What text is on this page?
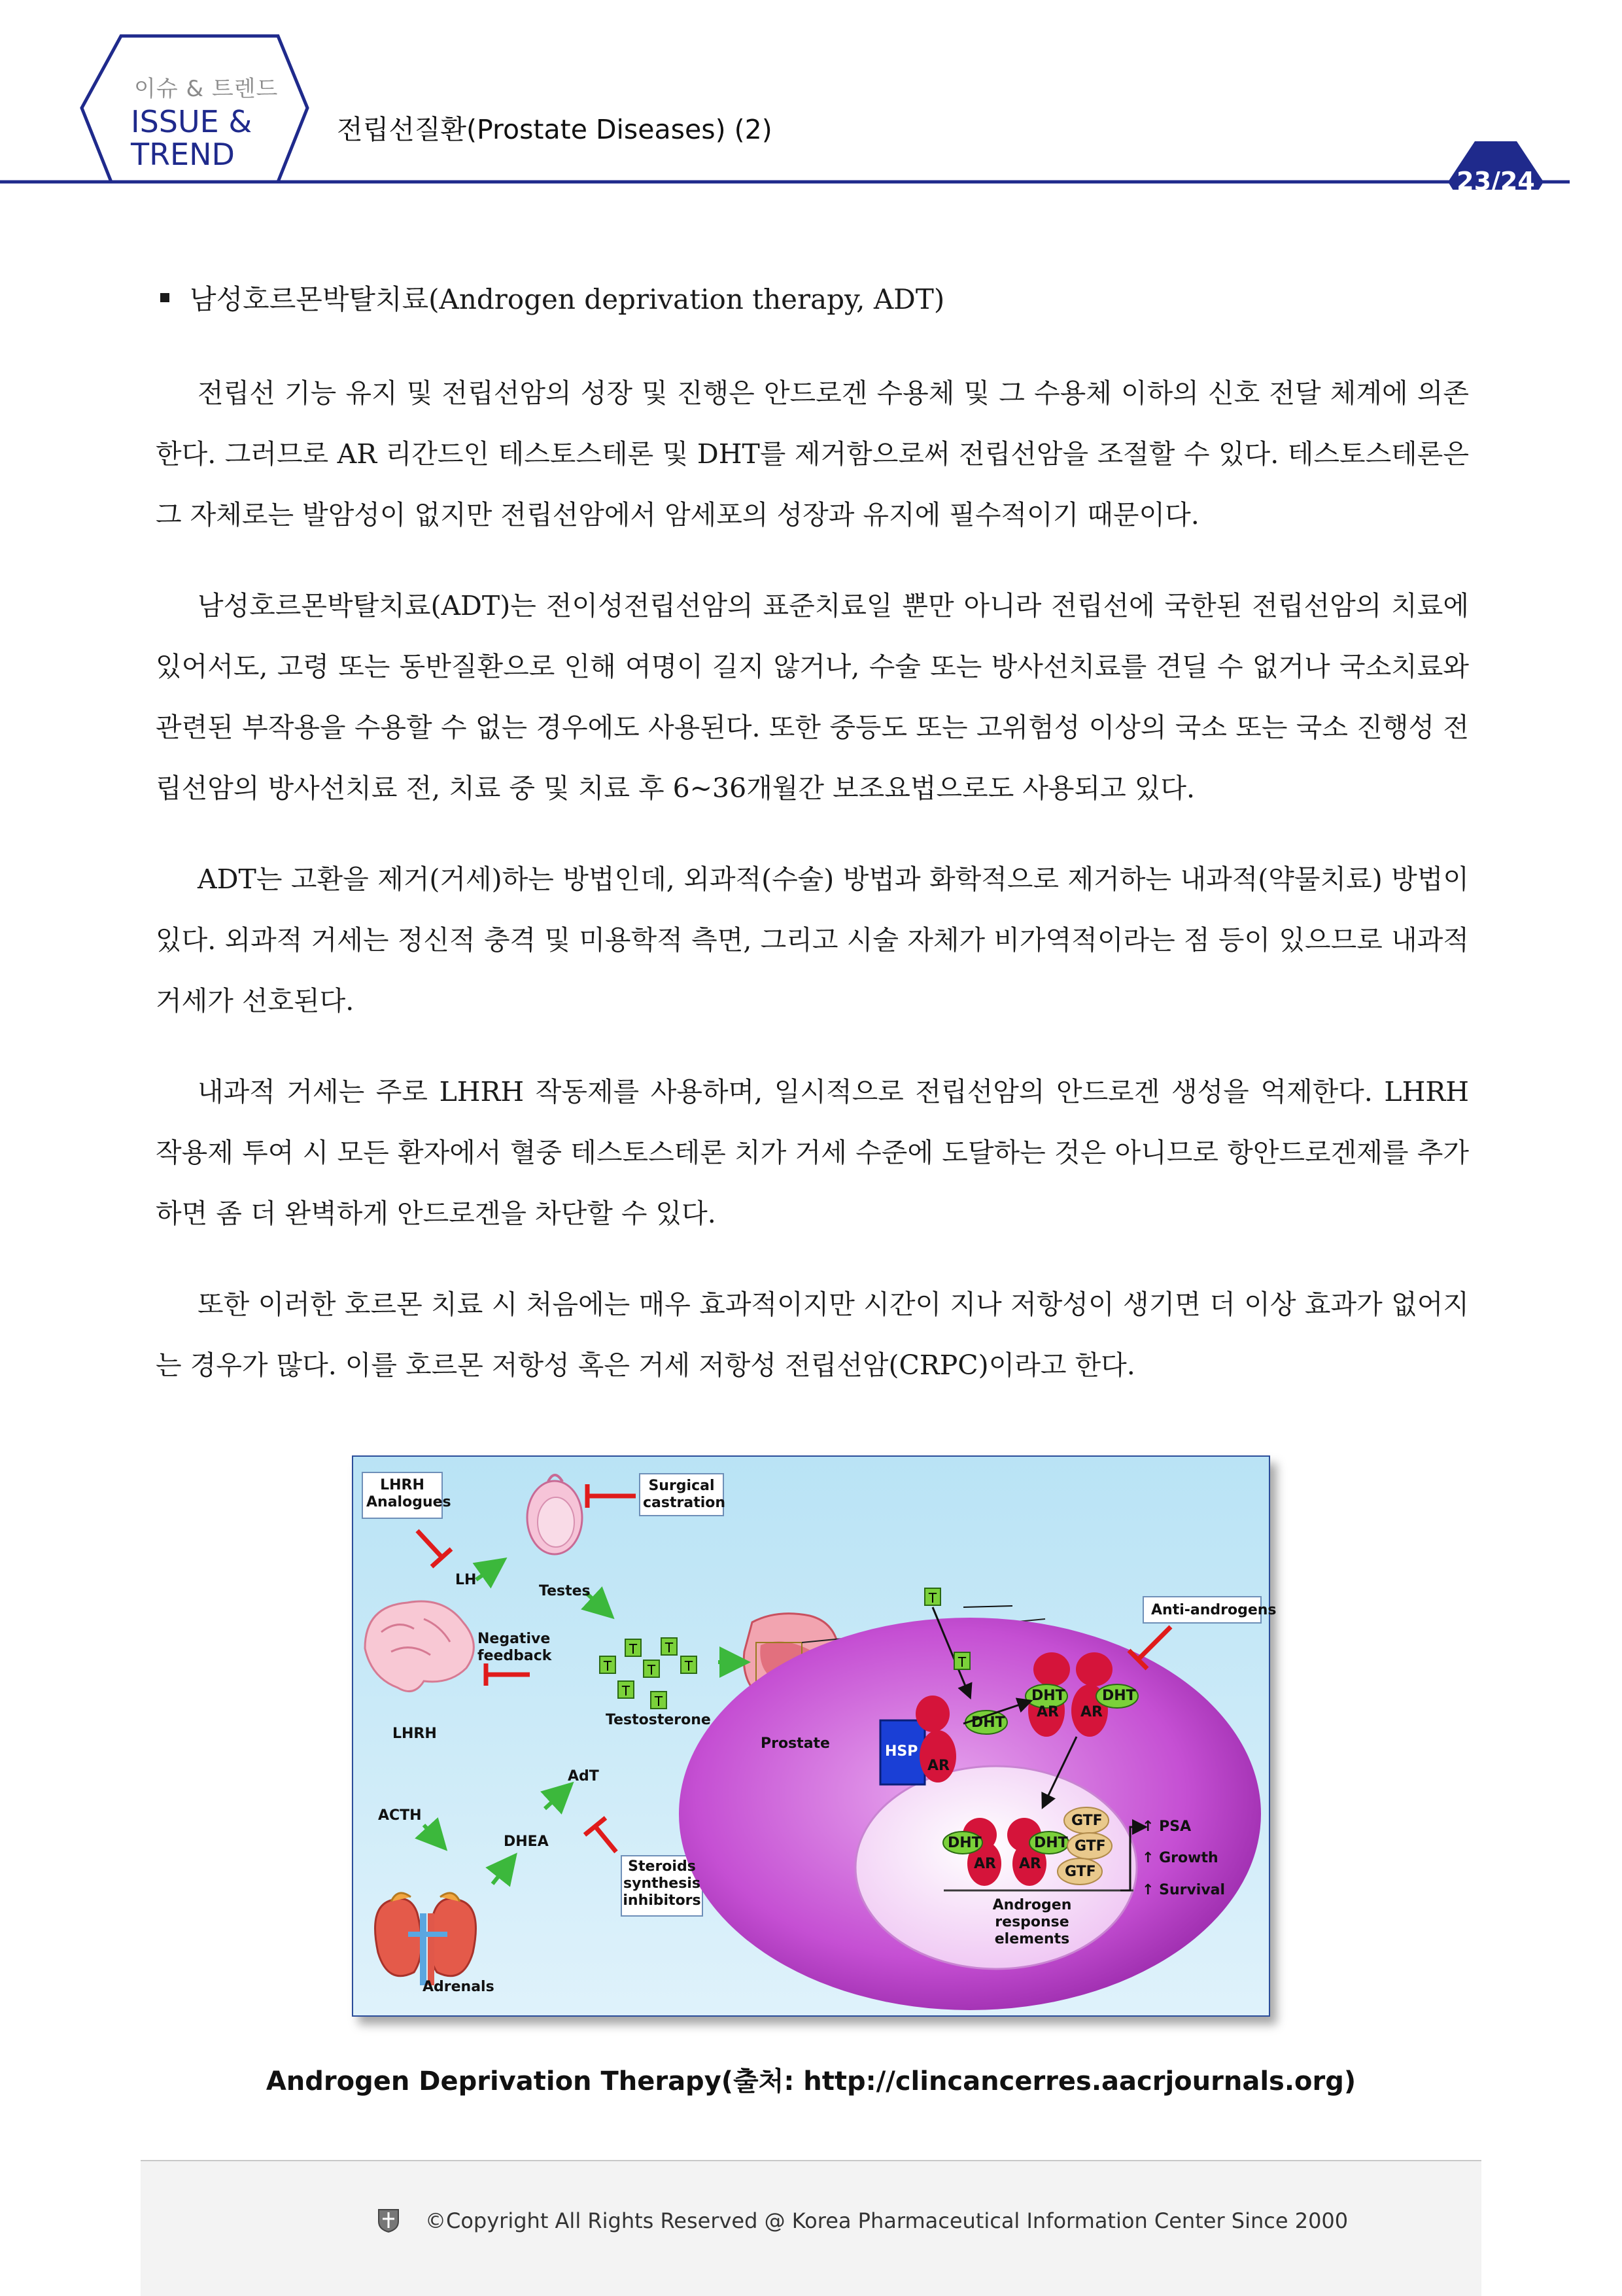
이슈 & 트렌드
ISSUE &
TREND
전립선질환(Prostate Diseases) (2)
23/24
남성호르몬박탈치료(Androgen deprivation therapy, ADT)

전립선 기능 유지 및 전립선암의 성장 및 진행은 안드로겐 수용체 및 그 수용체 이하의 신호 전달 체계에 의존한다. 그러므로 AR 리간드인 테스토스테론 및 DHT를 제거함으로써 전립선암을 조절할 수 있다. 테스토스테론은 그 자체로는 발암성이 없지만 전립선암에서 암세포의 성장과 유지에 필수적이기 때문이다.

남성호르몬박탈치료(ADT)는 전이성전립선암의 표준치료일 뿐만 아니라 전립선에 국한된 전립선암의 치료에 있어서도, 고령 또는 동반질환으로 인해 여명이 길지 않거나, 수술 또는 방사선치료를 견딜 수 없거나 국소치료와 관련된 부작용을 수용할 수 없는 경우에도 사용된다. 또한 중등도 또는 고위험성 이상의 국소 또는 국소 진행성 전립선암의 방사선치료 전, 치료 중 및 치료 후 6~36개월간 보조요법으로도 사용되고 있다.

ADT는 고환을 제거(거세)하는 방법인데, 외과적(수술) 방법과 화학적으로 제거하는 내과적(약물치료) 방법이 있다. 외과적 거세는 정신적 충격 및 미용학적 측면, 그리고 시술 자체가 비가역적이라는 점 등이 있으므로 내과적 거세가 선호된다.

내과적 거세는 주로 LHRH 작동제를 사용하며, 일시적으로 전립선암의 안드로겐 생성을 억제한다. LHRH 작용제 투여 시 모든 환자에서 혈중 테스토스테론 치가 거세 수준에 도달하는 것은 아니므로 항안드로겐제를 추가하면 좀 더 완벽하게 안드로겐을 차단할 수 있다.

또한 이러한 호르몬 치료 시 처음에는 매우 효과적이지만 시간이 지나 저항성이 생기면 더 이상 효과가 없어지는 경우가 많다. 이를 호르몬 저항성 혹은 거세 저항성 전립선암(CRPC)이라고 한다.

LHRH
Analogues
LH
Testes
Surgical
castration
Negative
feedback
LHRH
Testosterone
Prostate
ACTH
AdT
DHEA
Steroids
synthesis
inhibitors
Adrenals
Anti-androgens
T	T
T	T	T
T
T
T
T
HSP
AR
DHT
DHT
AR
DHT
AR
DHT
AR
DHT
AR
GTF
GTF
GTF
↑ PSA
↑ Growth
↑ Survival
Androgen
response
elements
Androgen Deprivation Therapy(출처: http://clincancerres.aacrjournals.org)
©Copyright All Rights Reserved @ Korea Pharmaceutical Information Center Since 2000
